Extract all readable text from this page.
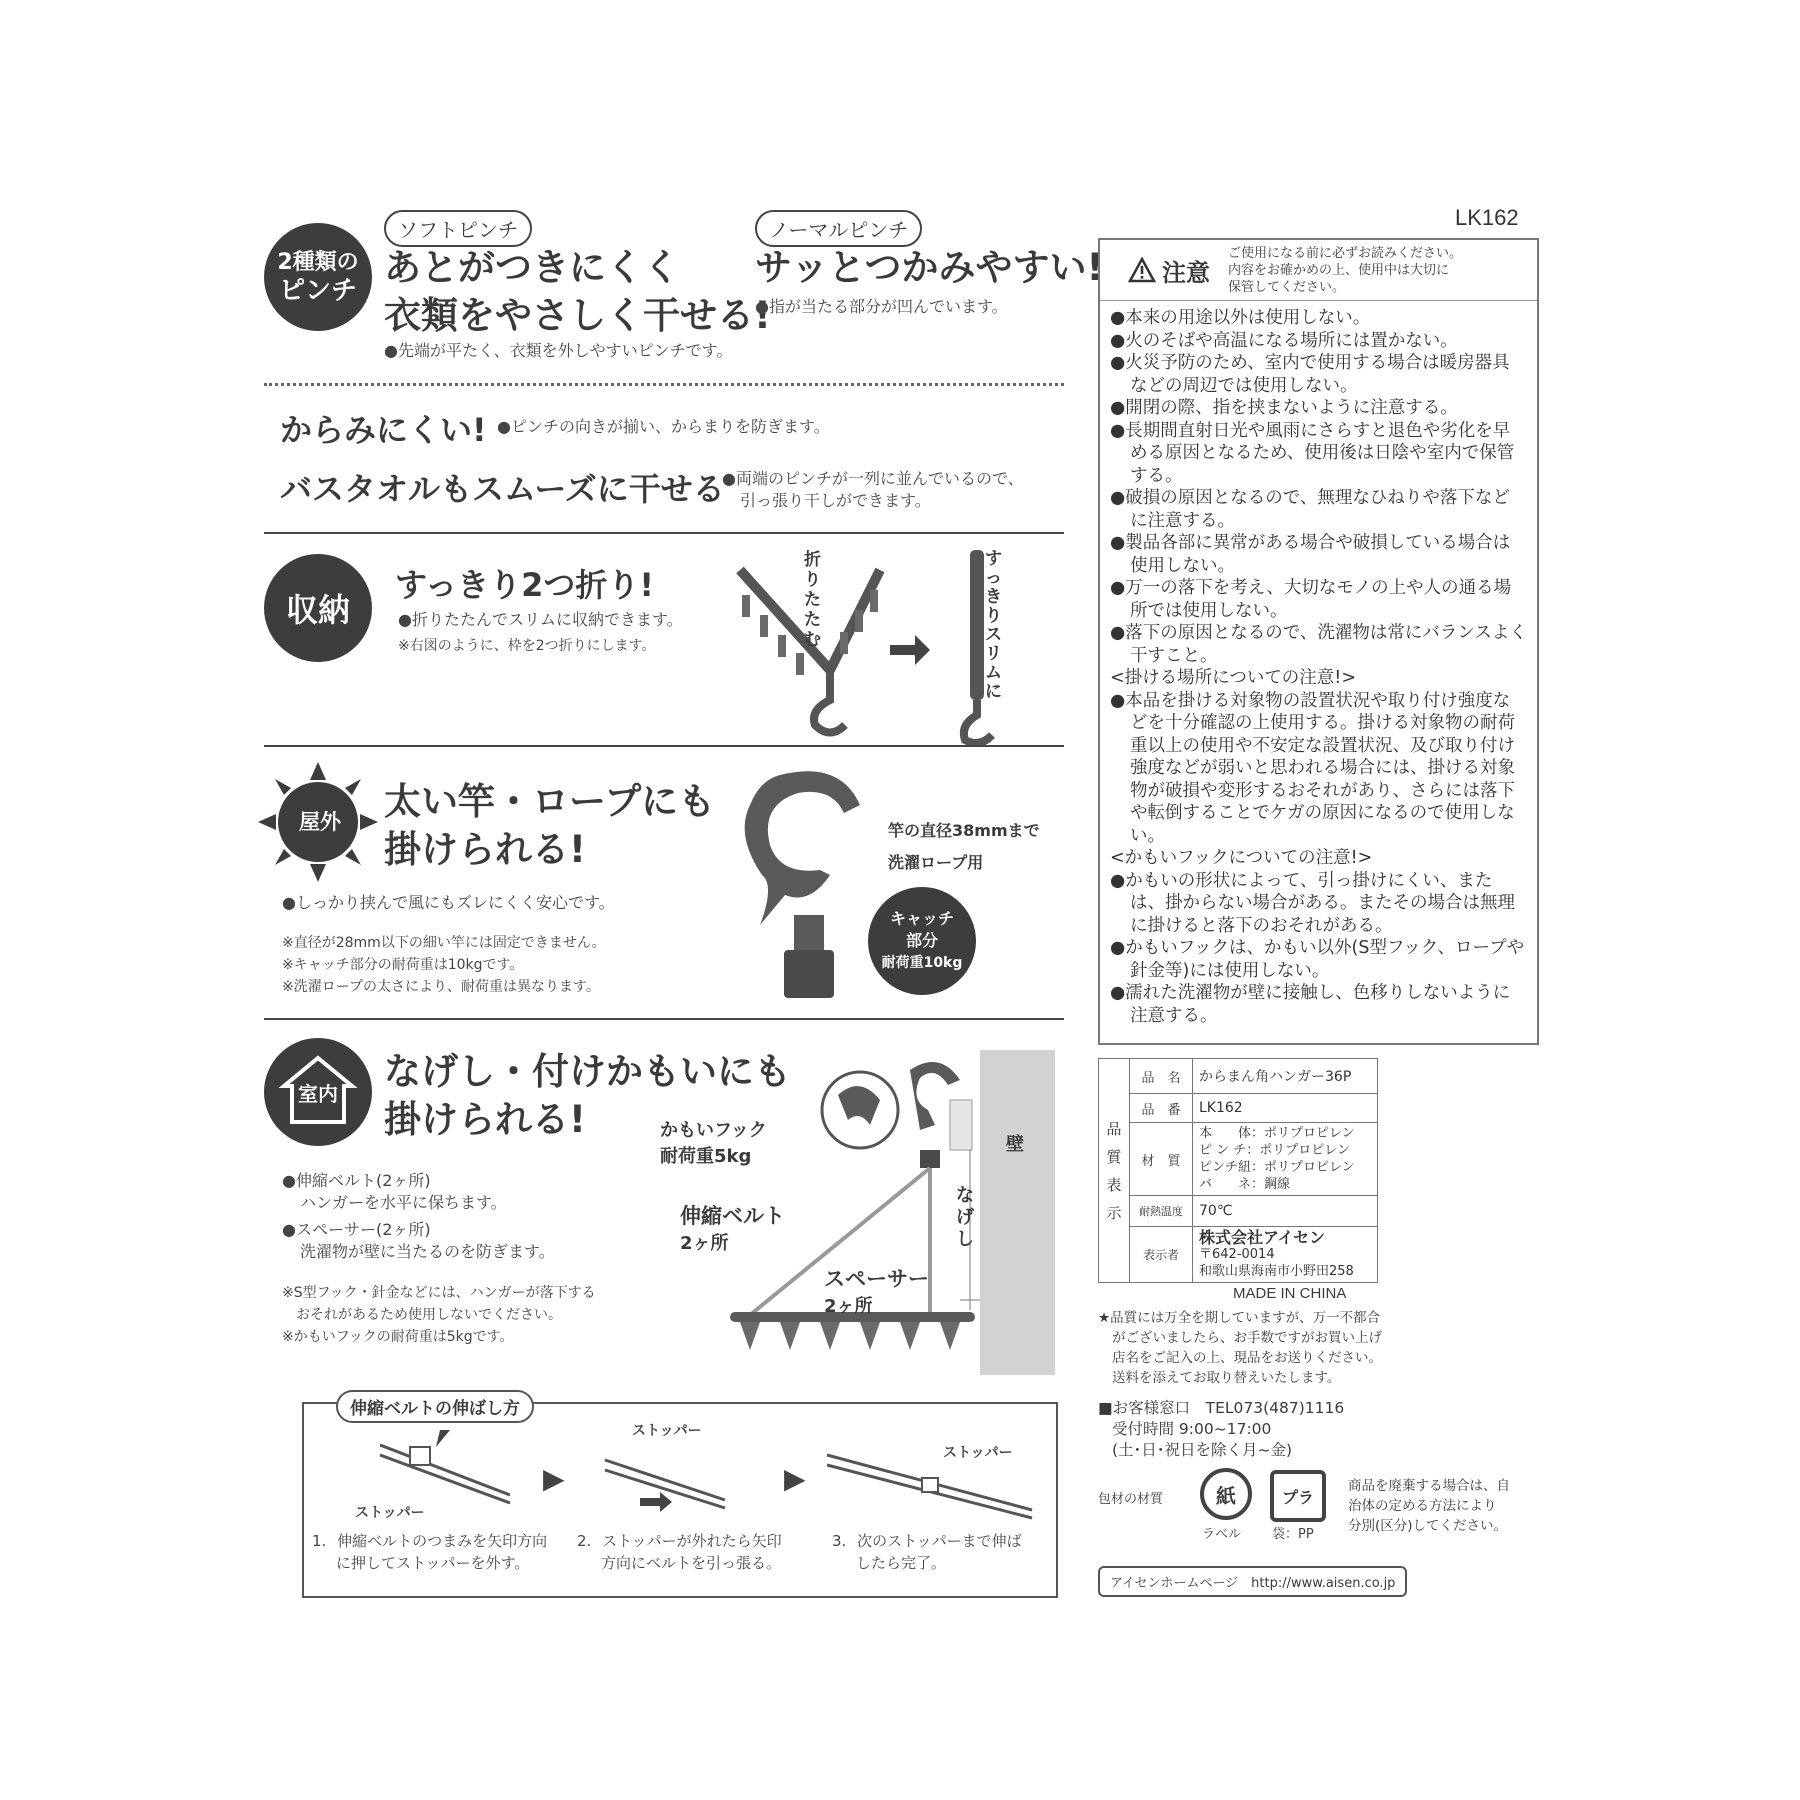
LK162
2種類の
ピンチ
ソフトピンチ
あとがつきにくく
衣類をやさしく干せる!
●先端が平たく、衣類を外しやすいピンチです。
ノーマルピンチ
サッとつかみやすい!
●指が当たる部分が凹んでいます。
からみにくい! ●ピンチの向きが揃い、からまりを防ぎます。
バスタオルもスムーズに干せる
●両端のピンチが一列に並んでいるので、
引っ張り干しができます。
収納
すっきり2つ折り!
●折りたたんでスリムに収納できます。
※右図のように、枠を2つ折りにします。
折
り
た
た
む
す
っ
き
り
ス
リ
ム
に
屋外 太い竿・ロープにも
掛けられる!
●しっかり挟んで風にもズレにくく安心です。
※直径が28mm以下の細い竿には固定できません。
※キャッチ部分の耐荷重は10kgです。
※洗濯ロープの太さにより、耐荷重は異なります。
竿の直径38mmまで
洗濯ロープ用
キャッチ
部分
耐荷重10kg
室内
なげし・付けかもいにも
掛けられる!
●伸縮ベルト(2ヶ所)
ハンガーを水平に保ちます。
●スペーサー(2ヶ所)
洗濯物が壁に当たるのを防ぎます。
※S型フック・針金などには、ハンガーが落下する
おそれがあるため使用しないでください。
※かもいフックの耐荷重は5kgです。
壁
な
げ
し
かもいフック
耐荷重5kg
伸縮ベルト
2ヶ所
スペーサー
2ヶ所
伸縮ベルトの伸ばし方
ストッパー
▶
ストッパー
▶
ストッパー
1. 伸縮ベルトのつまみを矢印方向
に押してストッパーを外す。
2. ストッパーが外れたら矢印
方向にベルトを引っ張る。
3. 次のストッパーまで伸ば
したら完了。
注意
ご使用になる前に必ずお読みください。
内容をお確かめの上、使用中は大切に
保管してください。
●本来の用途以外は使用しない。
●火のそばや高温になる場所には置かない。
●火災予防のため、室内で使用する場合は暖房器具などの周辺では使用しない。
●開閉の際、指を挟まないように注意する。
●長期間直射日光や風雨にさらすと退色や劣化を早める原因となるため、使用後は日陰や室内で保管する。
●破損の原因となるので、無理なひねりや落下などに注意する。
●製品各部に異常がある場合や破損している場合は使用しない。
●万一の落下を考え、大切なモノの上や人の通る場所では使用しない。
●落下の原因となるので、洗濯物は常にバランスよく干すこと。
<掛ける場所についての注意!>
●本品を掛ける対象物の設置状況や取り付け強度などを十分確認の上使用する。掛ける対象物の耐荷重以上の使用や不安定な設置状況、及び取り付け強度などが弱いと思われる場合には、掛ける対象物が破損や変形するおそれがあり、さらには落下や転倒することでケガの原因になるので使用しない。
<かもいフックについての注意!>
●かもいの形状によって、引っ掛けにくい、または、掛からない場合がある。またその場合は無理に掛けると落下のおそれがある。
●かもいフックは、かもい以外(S型フック、ロープや針金等)には使用しない。
●濡れた洗濯物が壁に接触し、色移りしないように注意する。
品
質
表
示	品　名	からまん角ハンガー36P
	品　番	LK162
	材　質	本　　体：ポリプロピレン
ピ ン チ：ポリプロピレン
ピンチ紐：ポリプロピレン
バ　　ネ：鋼線

	耐熱温度	70℃
	表示者	株式会社アイセン
〒642-0014
和歌山県海南市小野田258
MADE IN CHINA
★品質には万全を期していますが、万一不都合
がございましたら、お手数ですがお買い上げ
店名をご記入の上、現品をお送りください。
送料を添えてお取り替えいたします。
■お客様窓口　TEL073(487)1116
受付時間 9:00~17:00
(土･日･祝日を除く月~金)
包材の材質	紙
ラベル
プラ
袋：PP
商品を廃棄する場合は、自
治体の定める方法により
分別(区分)してください。
アイセンホームページ　http://www.aisen.co.jp
